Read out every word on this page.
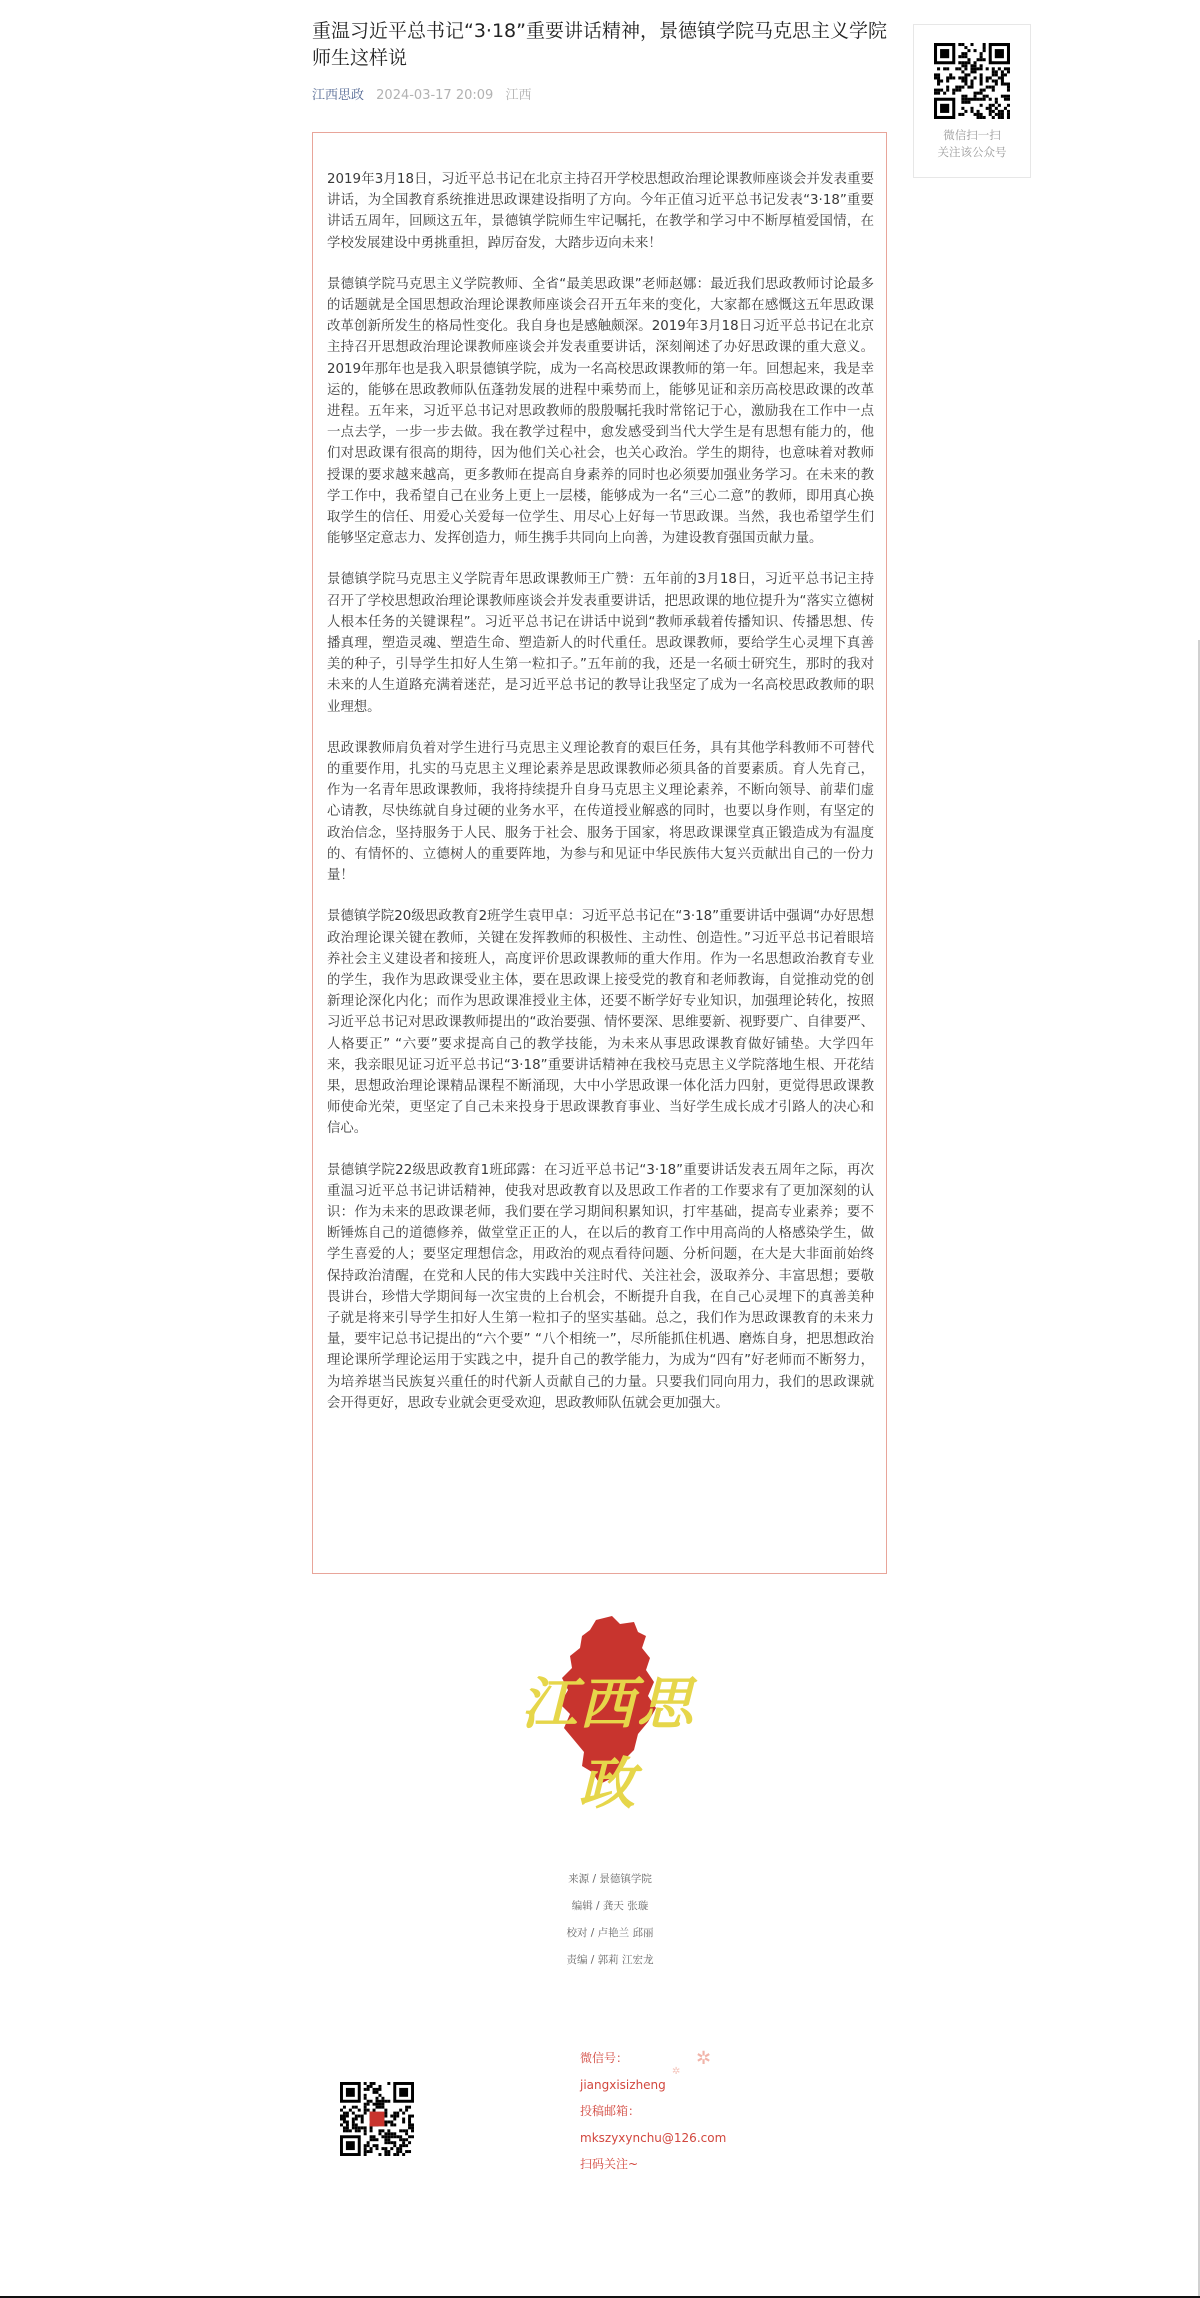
重温习近平总书记“3·18”重要讲话精神，景德镇学院马克思主义学院师生这样说
江西思政 2024-03-17 20:09 江西
微信扫一扫
关注该公众号

2019年3月18日，习近平总书记在北京主持召开学校思想政治理论课教师座谈会并发表重要讲话，为全国教育系统推进思政课建设指明了方向。今年正值习近平总书记发表“3·18”重要讲话五周年，回顾这五年，景德镇学院师生牢记嘱托，在教学和学习中不断厚植爱国情，在学校发展建设中勇挑重担，踔厉奋发，大踏步迈向未来！

景德镇学院马克思主义学院教师、全省“最美思政课”老师赵娜：最近我们思政教师讨论最多的话题就是全国思想政治理论课教师座谈会召开五年来的变化，大家都在感慨这五年思政课改革创新所发生的格局性变化。我自身也是感触颇深。2019年3月18日习近平总书记在北京主持召开思想政治理论课教师座谈会并发表重要讲话，深刻阐述了办好思政课的重大意义。2019年那年也是我入职景德镇学院，成为一名高校思政课教师的第一年。回想起来，我是幸运的，能够在思政教师队伍蓬勃发展的进程中乘势而上，能够见证和亲历高校思政课的改革进程。五年来，习近平总书记对思政教师的殷殷嘱托我时常铭记于心，激励我在工作中一点一点去学，一步一步去做。我在教学过程中，愈发感受到当代大学生是有思想有能力的，他们对思政课有很高的期待，因为他们关心社会，也关心政治。学生的期待，也意味着对教师授课的要求越来越高，更多教师在提高自身素养的同时也必须要加强业务学习。在未来的教学工作中，我希望自己在业务上更上一层楼，能够成为一名“三心二意”的教师，即用真心换取学生的信任、用爱心关爱每一位学生、用尽心上好每一节思政课。当然，我也希望学生们能够坚定意志力、发挥创造力，师生携手共同向上向善，为建设教育强国贡献力量。

景德镇学院马克思主义学院青年思政课教师王广赞：五年前的3月18日，习近平总书记主持召开了学校思想政治理论课教师座谈会并发表重要讲话，把思政课的地位提升为“落实立德树人根本任务的关键课程”。习近平总书记在讲话中说到“教师承载着传播知识、传播思想、传播真理，塑造灵魂、塑造生命、塑造新人的时代重任。思政课教师，要给学生心灵埋下真善美的种子，引导学生扣好人生第一粒扣子。”五年前的我，还是一名硕士研究生，那时的我对未来的人生道路充满着迷茫，是习近平总书记的教导让我坚定了成为一名高校思政教师的职业理想。

思政课教师肩负着对学生进行马克思主义理论教育的艰巨任务，具有其他学科教师不可替代的重要作用，扎实的马克思主义理论素养是思政课教师必须具备的首要素质。育人先育己，作为一名青年思政课教师，我将持续提升自身马克思主义理论素养，不断向领导、前辈们虚心请教，尽快练就自身过硬的业务水平，在传道授业解惑的同时，也要以身作则，有坚定的政治信念，坚持服务于人民、服务于社会、服务于国家，将思政课课堂真正锻造成为有温度的、有情怀的、立德树人的重要阵地，为参与和见证中华民族伟大复兴贡献出自己的一份力量！

景德镇学院20级思政教育2班学生袁甲卓：习近平总书记在“3·18”重要讲话中强调“办好思想政治理论课关键在教师，关键在发挥教师的积极性、主动性、创造性。”习近平总书记着眼培养社会主义建设者和接班人，高度评价思政课教师的重大作用。作为一名思想政治教育专业的学生，我作为思政课受业主体，要在思政课上接受党的教育和老师教诲，自觉推动党的创新理论深化内化；而作为思政课准授业主体，还要不断学好专业知识，加强理论转化，按照习近平总书记对思政课教师提出的“政治要强、情怀要深、思维要新、视野要广、自律要严、人格要正” “六要”要求提高自己的教学技能，为未来从事思政课教育做好铺垫。大学四年来，我亲眼见证习近平总书记“3·18”重要讲话精神在我校马克思主义学院落地生根、开花结果，思想政治理论课精品课程不断涌现，大中小学思政课一体化活力四射，更觉得思政课教师使命光荣，更坚定了自己未来投身于思政课教育事业、当好学生成长成才引路人的决心和信心。

景德镇学院22级思政教育1班邱露：在习近平总书记“3·18”重要讲话发表五周年之际，再次重温习近平总书记讲话精神，使我对思政教育以及思政工作者的工作要求有了更加深刻的认识：作为未来的思政课老师，我们要在学习期间积累知识，打牢基础，提高专业素养；要不断锤炼自己的道德修养，做堂堂正正的人，在以后的教育工作中用高尚的人格感染学生，做学生喜爱的人；要坚定理想信念，用政治的观点看待问题、分析问题，在大是大非面前始终保持政治清醒，在党和人民的伟大实践中关注时代、关注社会，汲取养分、丰富思想；要敬畏讲台，珍惜大学期间每一次宝贵的上台机会，不断提升自我，在自己心灵埋下的真善美种子就是将来引导学生扣好人生第一粒扣子的坚实基础。总之，我们作为思政课教育的未来力量，要牢记总书记提出的“六个要” “八个相统一”，尽所能抓住机遇、磨炼自身，把思想政治理论课所学理论运用于实践之中，提升自己的教学能力，为成为“四有”好老师而不断努力，为培养堪当民族复兴重任的时代新人贡献自己的力量。只要我们同向用力，我们的思政课就会开得更好，思政专业就会更受欢迎，思政教师队伍就会更加强大。

江西思政
来源 / 景德镇学院
编辑 / 龚天 张璇
校对 / 卢艳兰 邱丽
责编 / 郭莉 江宏龙
微信号：
jiangxisizheng
投稿邮箱：
mkszyxynchu@126.com
扫码关注~
✲
✲
